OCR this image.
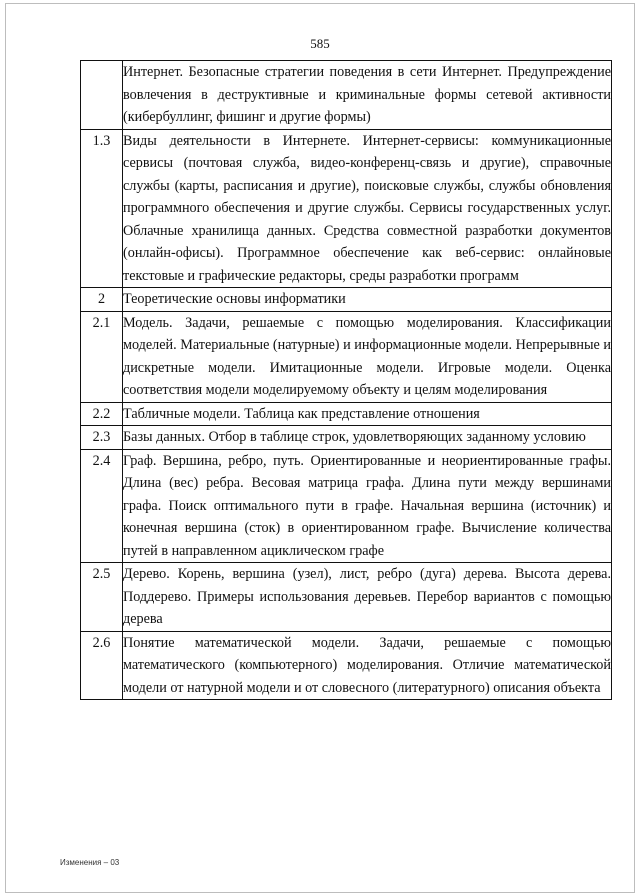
585
	Интернет. Безопасные стратегии поведения в сети Интернет. Предупреждение вовлечения в деструктивные и криминальные формы сетевой активности (кибербуллинг, фишинг и другие формы)
1.3	Виды деятельности в Интернете. Интернет-сервисы: коммуникационные сервисы (почтовая служба, видео-конференц-связь и другие), справочные службы (карты, расписания и другие), поисковые службы, службы обновления программного обеспечения и другие службы. Сервисы государственных услуг. Облачные хранилища данных. Средства совместной разработки документов (онлайн-офисы). Программное обеспечение как веб-сервис: онлайновые текстовые и графические редакторы, среды разработки программ
2	Теоретические основы информатики
2.1	Модель. Задачи, решаемые с помощью моделирования. Классификации моделей. Материальные (натурные) и информационные модели. Непрерывные и дискретные модели. Имитационные модели. Игровые модели. Оценка соответствия модели моделируемому объекту и целям моделирования
2.2	Табличные модели. Таблица как представление отношения
2.3	Базы данных. Отбор в таблице строк, удовлетворяющих заданному условию
2.4	Граф. Вершина, ребро, путь. Ориентированные и неориентированные графы. Длина (вес) ребра. Весовая матрица графа. Длина пути между вершинами графа. Поиск оптимального пути в графе. Начальная вершина (источник) и конечная вершина (сток) в ориентированном графе. Вычисление количества путей в направленном ациклическом графе
2.5	Дерево. Корень, вершина (узел), лист, ребро (дуга) дерева. Высота дерева. Поддерево. Примеры использования деревьев. Перебор вариантов с помощью дерева
2.6	Понятие математической модели. Задачи, решаемые с помощью математического (компьютерного) моделирования. Отличие математической модели от натурной модели и от словесного (литературного) описания объекта
Изменения – 03
